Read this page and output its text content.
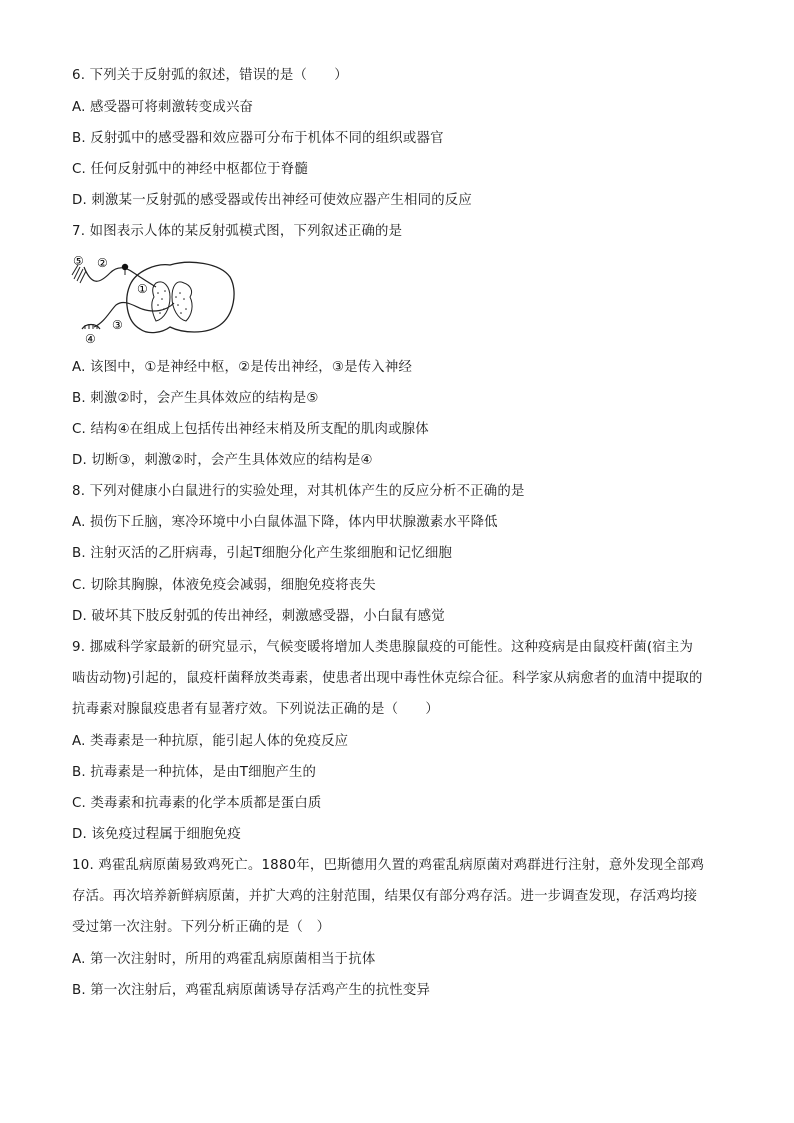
6. 下列关于反射弧的叙述，错误的是（　　）
A. 感受器可将刺激转变成兴奋
B. 反射弧中的感受器和效应器可分布于机体不同的组织或器官
C. 任何反射弧中的神经中枢都位于脊髓
D. 刺激某一反射弧的感受器或传出神经可使效应器产生相同的反应
7. 如图表示人体的某反射弧模式图，下列叙述正确的是
⑤ ②
①
③
④
A. 该图中，①是神经中枢，②是传出神经，③是传入神经
B. 刺激②时，会产生具体效应的结构是⑤
C. 结构④在组成上包括传出神经末梢及所支配的肌肉或腺体
D. 切断③，刺激②时，会产生具体效应的结构是④
8. 下列对健康小白鼠进行的实验处理，对其机体产生的反应分析不正确的是
A. 损伤下丘脑，寒冷环境中小白鼠体温下降，体内甲状腺激素水平降低
B. 注射灭活的乙肝病毒，引起T细胞分化产生浆细胞和记忆细胞
C. 切除其胸腺，体液免疫会减弱，细胞免疫将丧失
D. 破坏其下肢反射弧的传出神经，刺激感受器，小白鼠有感觉
9. 挪威科学家最新的研究显示，气候变暖将增加人类患腺鼠疫的可能性。这种疫病是由鼠疫杆菌(宿主为
啮齿动物)引起的，鼠疫杆菌释放类毒素，使患者出现中毒性休克综合征。科学家从病愈者的血清中提取的
抗毒素对腺鼠疫患者有显著疗效。下列说法正确的是（　　）
A. 类毒素是一种抗原，能引起人体的免疫反应
B. 抗毒素是一种抗体，是由T细胞产生的
C. 类毒素和抗毒素的化学本质都是蛋白质
D. 该免疫过程属于细胞免疫
10. 鸡霍乱病原菌易致鸡死亡。1880年，巴斯德用久置的鸡霍乱病原菌对鸡群进行注射，意外发现全部鸡
存活。再次培养新鲜病原菌，并扩大鸡的注射范围，结果仅有部分鸡存活。进一步调查发现，存活鸡均接
受过第一次注射。下列分析正确的是（　）
A. 第一次注射时，所用的鸡霍乱病原菌相当于抗体
B. 第一次注射后，鸡霍乱病原菌诱导存活鸡产生的抗性变异
